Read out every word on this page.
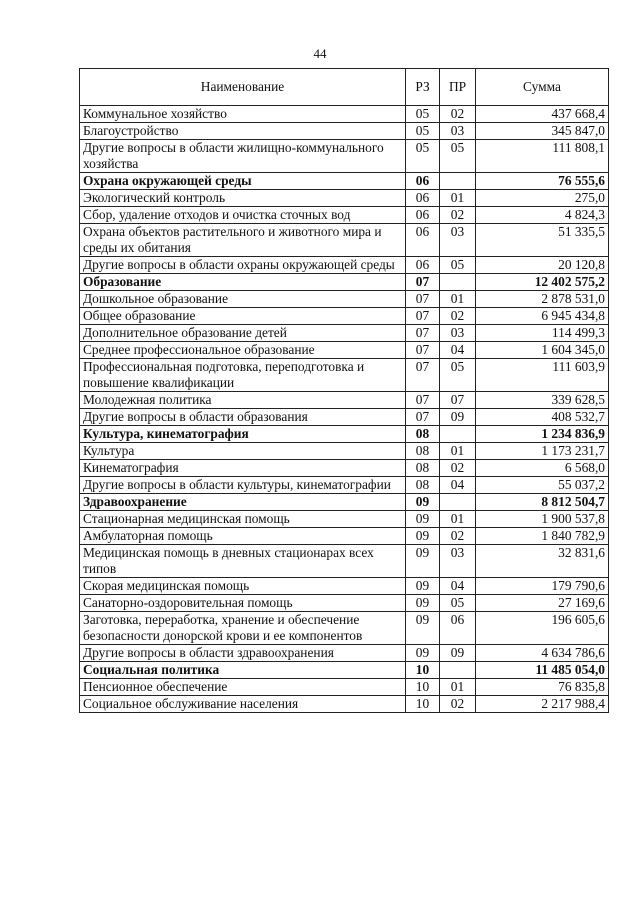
44
Наименование	РЗ	ПР	Сумма
Коммунальное хозяйство	05	02	437 668,4
Благоустройство	05	03	345 847,0
Другие вопросы в области жилищно-коммунального хозяйства	05	05	111 808,1
Охрана окружающей среды	06		76 555,6
Экологический контроль	06	01	275,0
Сбор, удаление отходов и очистка сточных вод	06	02	4 824,3
Охрана объектов растительного и животного мира и среды их обитания	06	03	51 335,5
Другие вопросы в области охраны окружающей среды	06	05	20 120,8
Образование	07		12 402 575,2
Дошкольное образование	07	01	2 878 531,0
Общее образование	07	02	6 945 434,8
Дополнительное образование детей	07	03	114 499,3
Среднее профессиональное образование	07	04	1 604 345,0
Профессиональная подготовка, переподготовка и повышение квалификации	07	05	111 603,9
Молодежная политика	07	07	339 628,5
Другие вопросы в области образования	07	09	408 532,7
Культура, кинематография	08		1 234 836,9
Культура	08	01	1 173 231,7
Кинематография	08	02	6 568,0
Другие вопросы в области культуры, кинематографии	08	04	55 037,2
Здравоохранение	09		8 812 504,7
Стационарная медицинская помощь	09	01	1 900 537,8
Амбулаторная помощь	09	02	1 840 782,9
Медицинская помощь в дневных стационарах всех типов	09	03	32 831,6
Скорая медицинская помощь	09	04	179 790,6
Санаторно-оздоровительная помощь	09	05	27 169,6
Заготовка, переработка, хранение и обеспечение безопасности донорской крови и ее компонентов	09	06	196 605,6
Другие вопросы в области здравоохранения	09	09	4 634 786,6
Социальная политика	10		11 485 054,0
Пенсионное обеспечение	10	01	76 835,8
Социальное обслуживание населения	10	02	2 217 988,4
